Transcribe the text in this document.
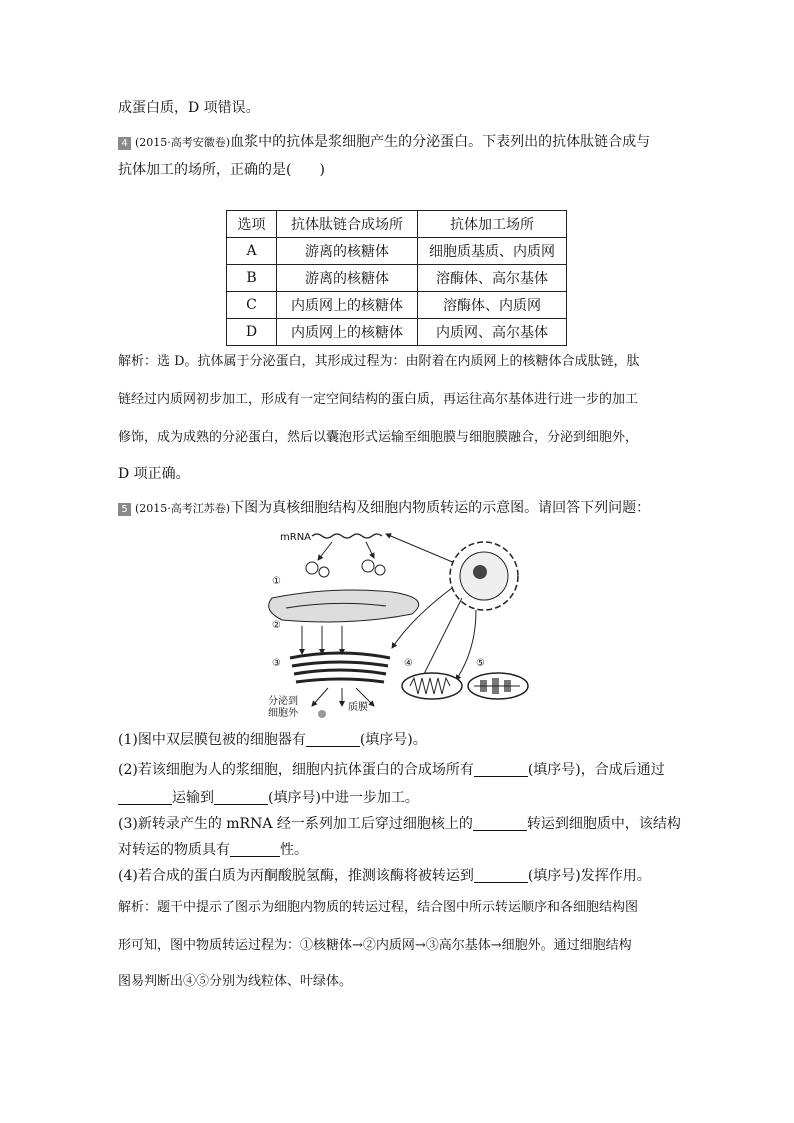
成蛋白质，D 项错误。
4 (2015·高考安徽卷)血浆中的抗体是浆细胞产生的分泌蛋白。下表列出的抗体肽链合成与
抗体加工的场所，正确的是(　　)
选项	抗体肽链合成场所	抗体加工场所
A	游离的核糖体	细胞质基质、内质网
B	游离的核糖体	溶酶体、高尔基体
C	内质网上的核糖体	溶酶体、内质网
D	内质网上的核糖体	内质网、高尔基体
解析：选 D。抗体属于分泌蛋白，其形成过程为：由附着在内质网上的核糖体合成肽链，肽
链经过内质网初步加工，形成有一定空间结构的蛋白质，再运往高尔基体进行进一步的加工
修饰，成为成熟的分泌蛋白，然后以囊泡形式运输至细胞膜与细胞膜融合，分泌到细胞外，
D 项正确。
5 (2015·高考江苏卷)下图为真核细胞结构及细胞内物质转运的示意图。请回答下列问题：
mRNA
①
②
③
分泌到
细胞外
质膜
④	⑤
(1)图中双层膜包被的细胞器有	(填序号)。
(2)若该细胞为人的浆细胞，细胞内抗体蛋白的合成场所有	(填序号)，合成后通过
运输到	(填序号)中进一步加工。
(3)新转录产生的 mRNA 经一系列加工后穿过细胞核上的	转运到细胞质中，该结构
对转运的物质具有	性。
(4)若合成的蛋白质为丙酮酸脱氢酶，推测该酶将被转运到	(填序号)发挥作用。
解析：题干中提示了图示为细胞内物质的转运过程，结合图中所示转运顺序和各细胞结构图
形可知，图中物质转运过程为：①核糖体→②内质网→③高尔基体→细胞外。通过细胞结构
图易判断出④⑤分别为线粒体、叶绿体。
